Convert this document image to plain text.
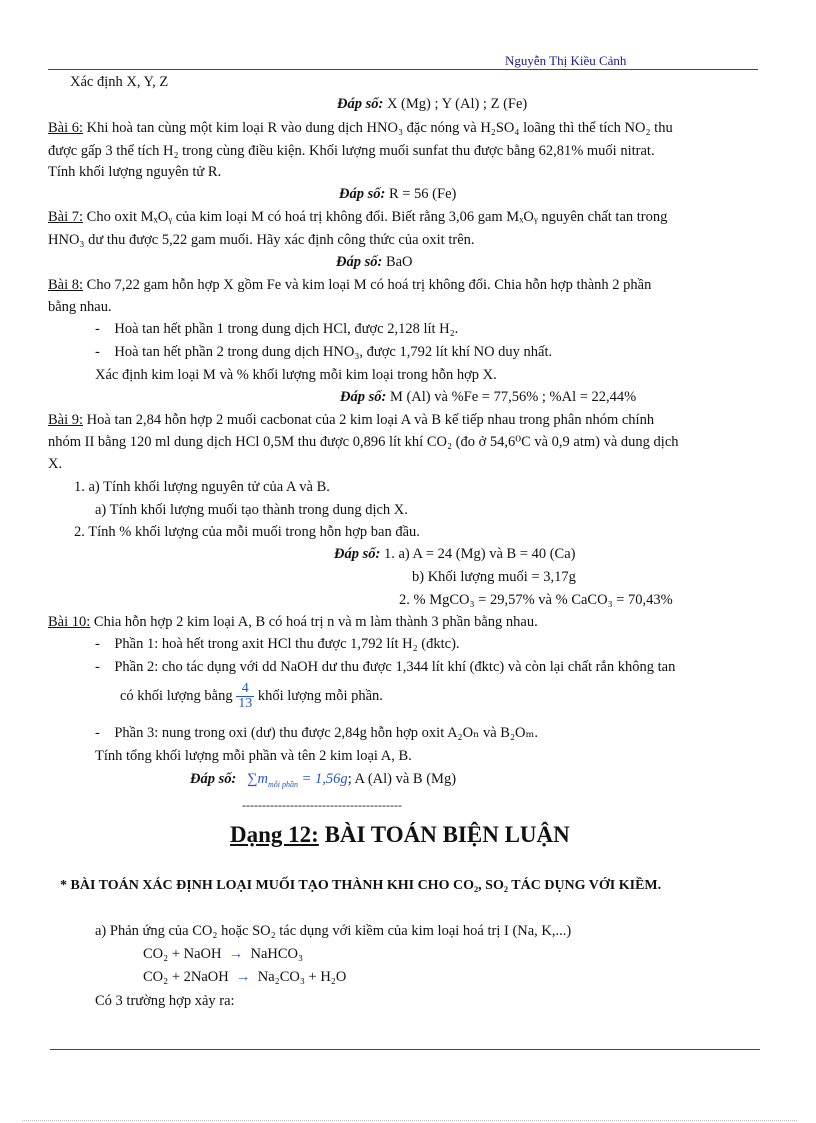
Nguyễn Thị Kiều Cảnh
Xác định X, Y, Z
Đáp số: X (Mg) ; Y (Al) ; Z (Fe)
Bài 6: Khi hoà tan cùng một kim loại R vào dung dịch HNO₃ đặc nóng và H₂SO₄ loãng thì thể tích NO₂ thu
được gấp 3 thể tích H₂ trong cùng điều kiện. Khối lượng muối sunfat thu được bằng 62,81% muối nitrat.
Tính khối lượng nguyên tử R.
Đáp số: R = 56 (Fe)
Bài 7: Cho oxit MₓOᵧ của kim loại M có hoá trị không đổi. Biết rằng 3,06 gam MₓOᵧ nguyên chất tan trong
HNO₃ dư thu được 5,22 gam muối. Hãy xác định công thức của oxit trên.
Đáp số: BaO
Bài 8: Cho 7,22 gam hỗn hợp X gồm Fe và kim loại M có hoá trị không đổi. Chia hỗn hợp thành 2 phần
bằng nhau.
-    Hoà tan hết phần 1 trong dung dịch HCl, được 2,128 lít H₂.
-    Hoà tan hết phần 2 trong dung dịch HNO₃, được 1,792 lít khí NO duy nhất.
Xác định kim loại M và % khối lượng mỗi kim loại trong hỗn hợp X.
Đáp số: M (Al) và %Fe = 77,56% ; %Al = 22,44%
Bài 9: Hoà tan 2,84 hỗn hợp 2 muối cacbonat của 2 kim loại A và B kế tiếp nhau trong phân nhóm chính
nhóm II bằng 120 ml dung dịch HCl 0,5M thu được 0,896 lít khí CO₂ (đo ở 54,6⁰C và 0,9 atm) và dung dịch
X.
1. a) Tính khối lượng nguyên tử của A và B.
a) Tính khối lượng muối tạo thành trong dung dịch X.
2. Tính % khối lượng của mỗi muối trong hỗn hợp ban đầu.
Đáp số: 1. a) A = 24 (Mg) và B = 40 (Ca)
b) Khối lượng muối = 3,17g
2. % MgCO₃ = 29,57% và % CaCO₃ = 70,43%
Bài 10: Chia hỗn hợp 2 kim loại A, B có hoá trị n và m làm thành 3 phần bằng nhau.
-    Phần 1: hoà hết trong axit HCl thu được 1,792 lít H₂ (đktc).
-    Phần 2: cho tác dụng với dd NaOH dư thu được 1,344 lít khí (đktc) và còn lại chất rắn không tan
có khối lượng bằng $\frac{4}{13}$ khối lượng mỗi phần.
-    Phần 3: nung trong oxi (dư) thu được 2,84g hỗn hợp oxit A₂Oₙ và B₂Oₘ.
Tính tổng khối lượng mỗi phần và tên 2 kim loại A, B.
Đáp số: $\sum m_{mỗi phần} = 1,56g$; A (Al) và B (Mg)
----------------------------------------
Dạng 12: BÀI TOÁN BIỆN LUẬN
* BÀI TOÁN XÁC ĐỊNH LOẠI MUỐI TẠO THÀNH KHI CHO CO₂, SO₂ TÁC DỤNG VỚI KIỀM.
a) Phản ứng của CO₂ hoặc SO₂ tác dụng với kiềm của kim loại hoá trị I (Na, K,...)
CO₂ + NaOH → NaHCO₃
CO₂ + 2NaOH → Na₂CO₃ + H₂O
Có 3 trường hợp xảy ra:
